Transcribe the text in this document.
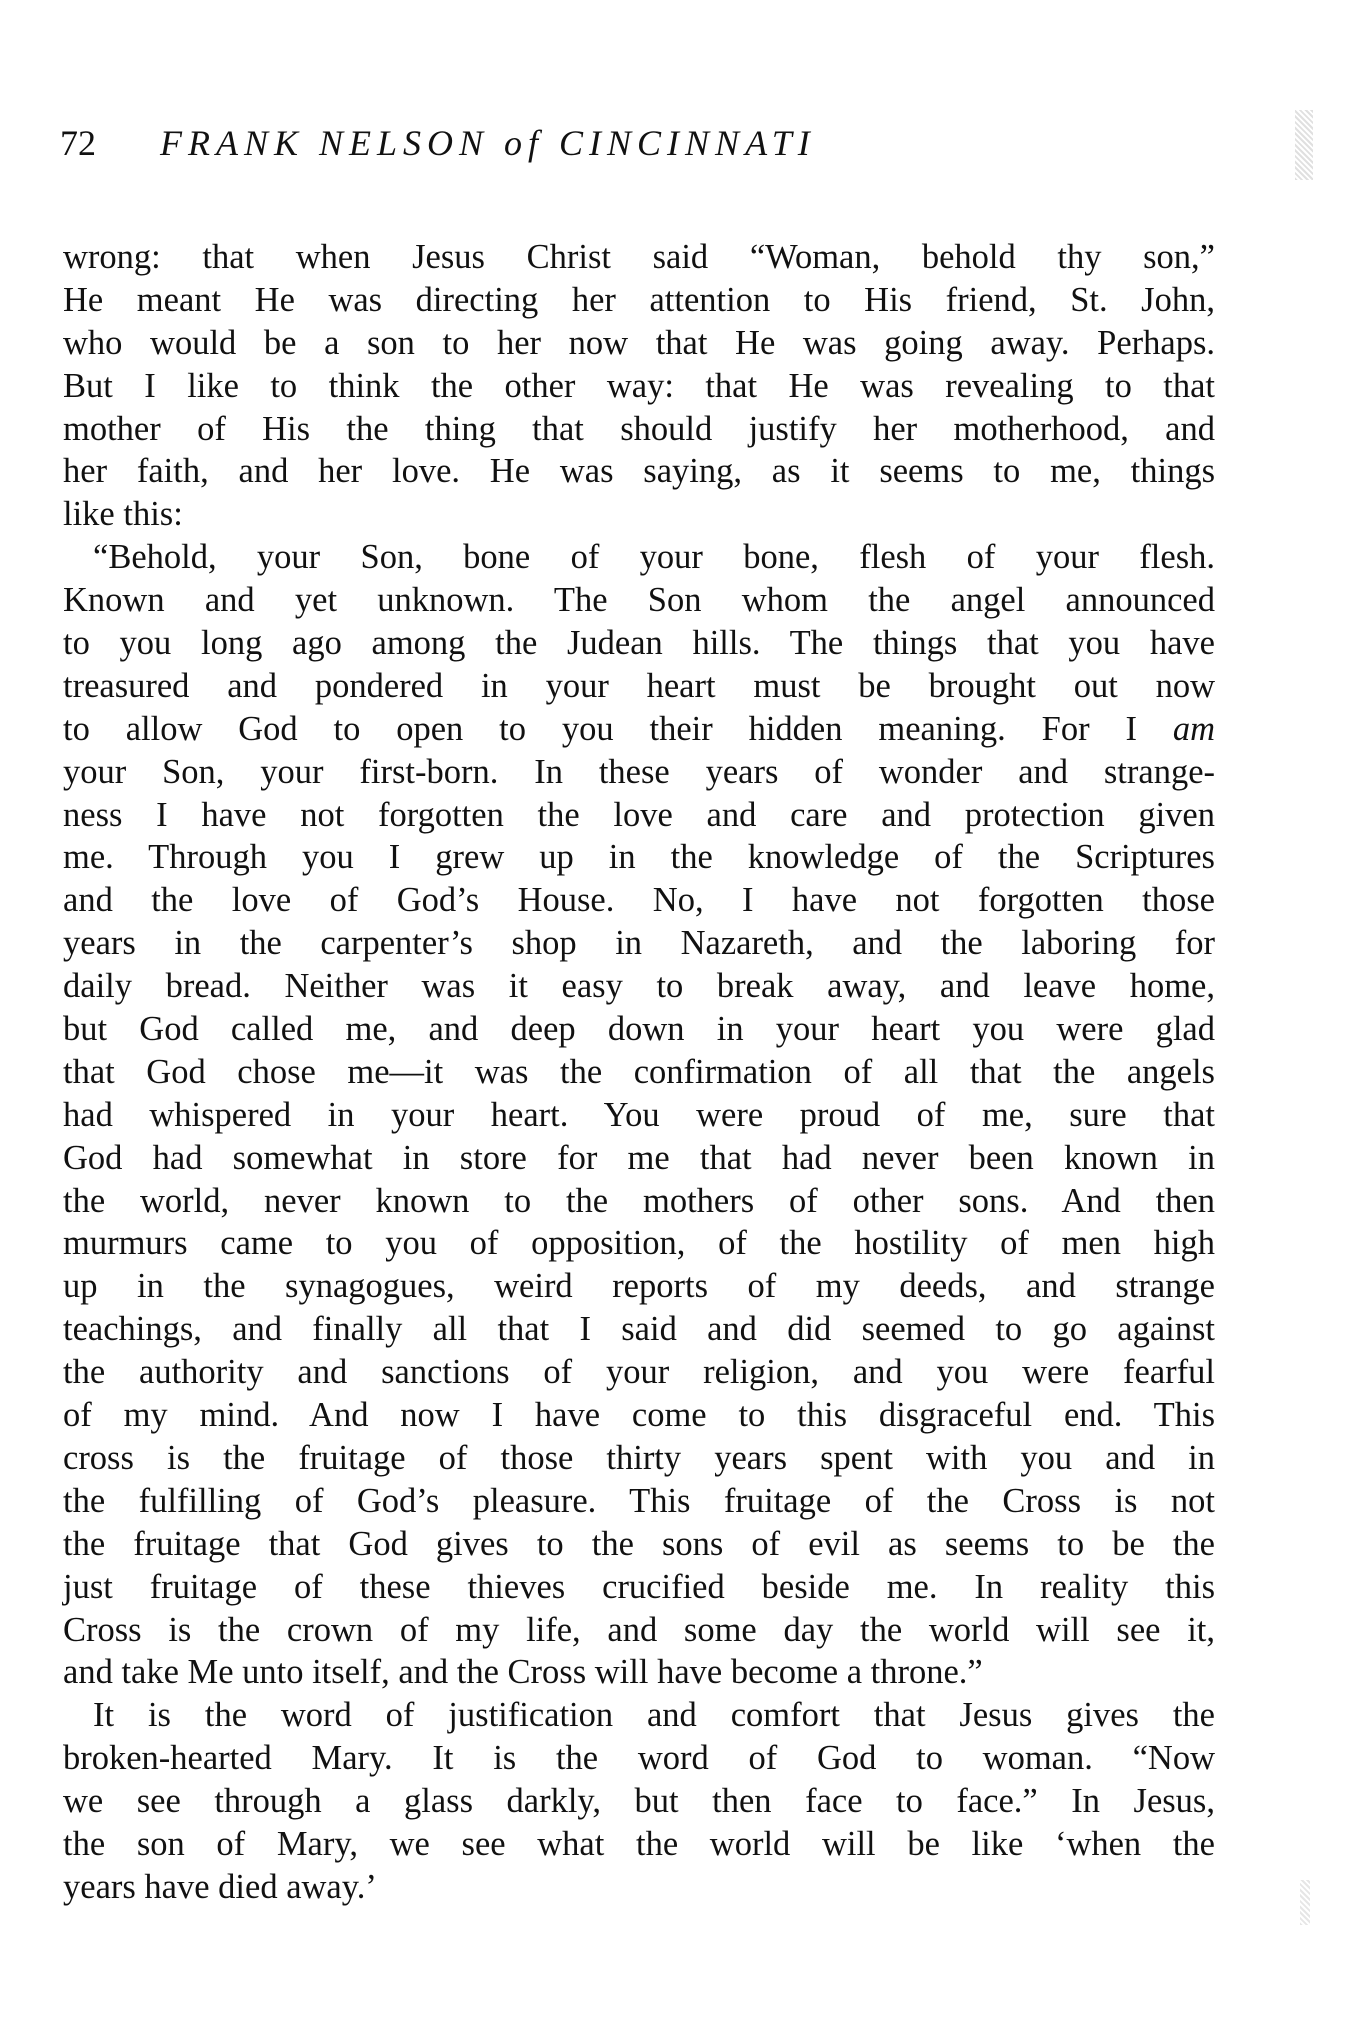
72 FRANK NELSON of CINCINNATI
wrong: that when Jesus Christ said “Woman, behold thy son,”
He meant He was directing her attention to His friend, St. John,
who would be a son to her now that He was going away. Perhaps.
But I like to think the other way: that He was revealing to that
mother of His the thing that should justify her motherhood, and
her faith, and her love. He was saying, as it seems to me, things
like this:
“Behold, your Son, bone of your bone, flesh of your flesh.
Known and yet unknown. The Son whom the angel announced
to you long ago among the Judean hills. The things that you have
treasured and pondered in your heart must be brought out now
to allow God to open to you their hidden meaning. For I am
your Son, your first-born. In these years of wonder and strange-
ness I have not forgotten the love and care and protection given
me. Through you I grew up in the knowledge of the Scriptures
and the love of God’s House. No, I have not forgotten those
years in the carpenter’s shop in Nazareth, and the laboring for
daily bread. Neither was it easy to break away, and leave home,
but God called me, and deep down in your heart you were glad
that God chose me—it was the confirmation of all that the angels
had whispered in your heart. You were proud of me, sure that
God had somewhat in store for me that had never been known in
the world, never known to the mothers of other sons. And then
murmurs came to you of opposition, of the hostility of men high
up in the synagogues, weird reports of my deeds, and strange
teachings, and finally all that I said and did seemed to go against
the authority and sanctions of your religion, and you were fearful
of my mind. And now I have come to this disgraceful end. This
cross is the fruitage of those thirty years spent with you and in
the fulfilling of God’s pleasure. This fruitage of the Cross is not
the fruitage that God gives to the sons of evil as seems to be the
just fruitage of these thieves crucified beside me. In reality this
Cross is the crown of my life, and some day the world will see it,
and take Me unto itself, and the Cross will have become a throne.”
It is the word of justification and comfort that Jesus gives the
broken-hearted Mary. It is the word of God to woman. “Now
we see through a glass darkly, but then face to face.” In Jesus,
the son of Mary, we see what the world will be like ‘when the
years have died away.’
